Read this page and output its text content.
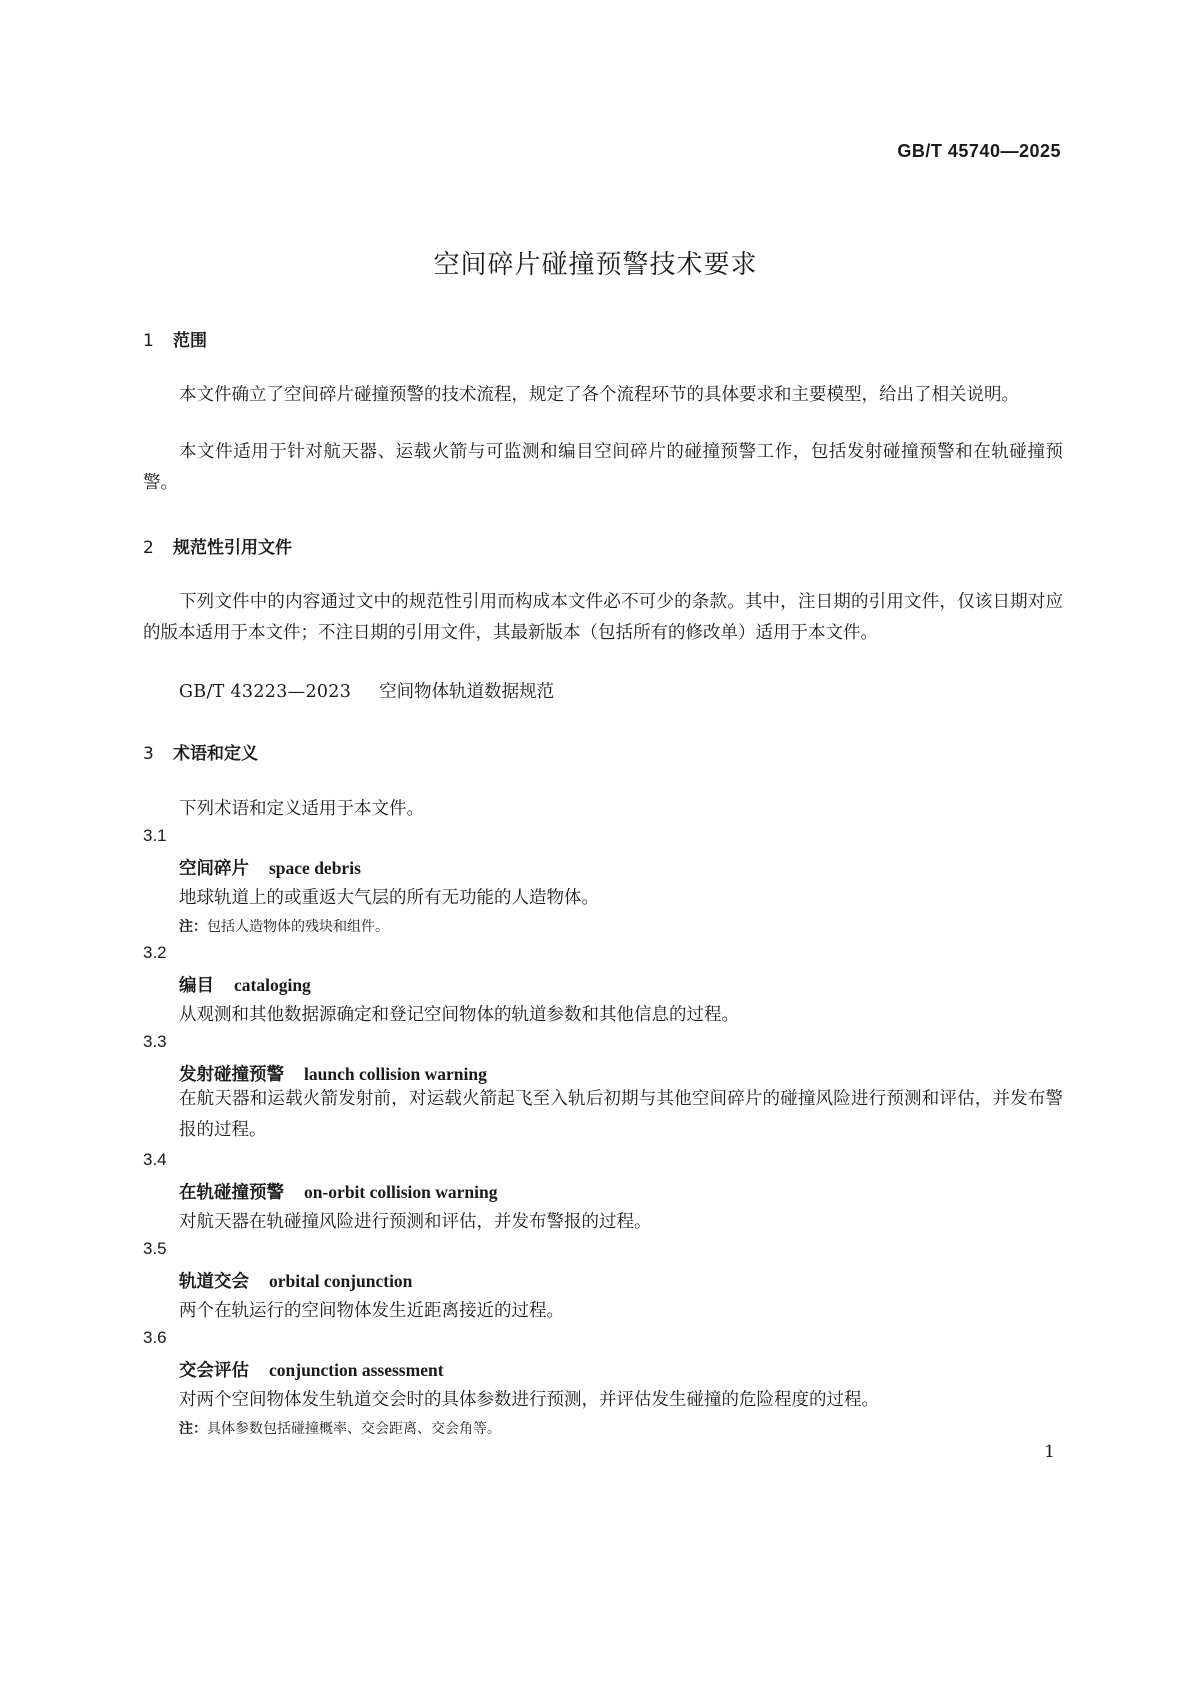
GB/T 45740—2025
空间碎片碰撞预警技术要求
1 范围

本文件确立了空间碎片碰撞预警的技术流程，规定了各个流程环节的具体要求和主要模型，给出了相关说明。

本文件适用于针对航天器、运载火箭与可监测和编目空间碎片的碰撞预警工作，包括发射碰撞预警和在轨碰撞预警。

2 规范性引用文件

下列文件中的内容通过文中的规范性引用而构成本文件必不可少的条款。其中，注日期的引用文件，仅该日期对应的版本适用于本文件；不注日期的引用文件，其最新版本（包括所有的修改单）适用于本文件。

GB/T 43223—2023 空间物体轨道数据规范
3 术语和定义
下列术语和定义适用于本文件。
3.1
空间碎片 space debris
地球轨道上的或重返大气层的所有无功能的人造物体。
注：包括人造物体的残块和组件。
3.2
编目 cataloging
从观测和其他数据源确定和登记空间物体的轨道参数和其他信息的过程。
3.3
发射碰撞预警 launch collision warning

在航天器和运载火箭发射前，对运载火箭起飞至入轨后初期与其他空间碎片的碰撞风险进行预测和评估，并发布警报的过程。

3.4
在轨碰撞预警 on-orbit collision warning
对航天器在轨碰撞风险进行预测和评估，并发布警报的过程。
3.5
轨道交会 orbital conjunction
两个在轨运行的空间物体发生近距离接近的过程。
3.6
交会评估 conjunction assessment
对两个空间物体发生轨道交会时的具体参数进行预测，并评估发生碰撞的危险程度的过程。
注：具体参数包括碰撞概率、交会距离、交会角等。
1
